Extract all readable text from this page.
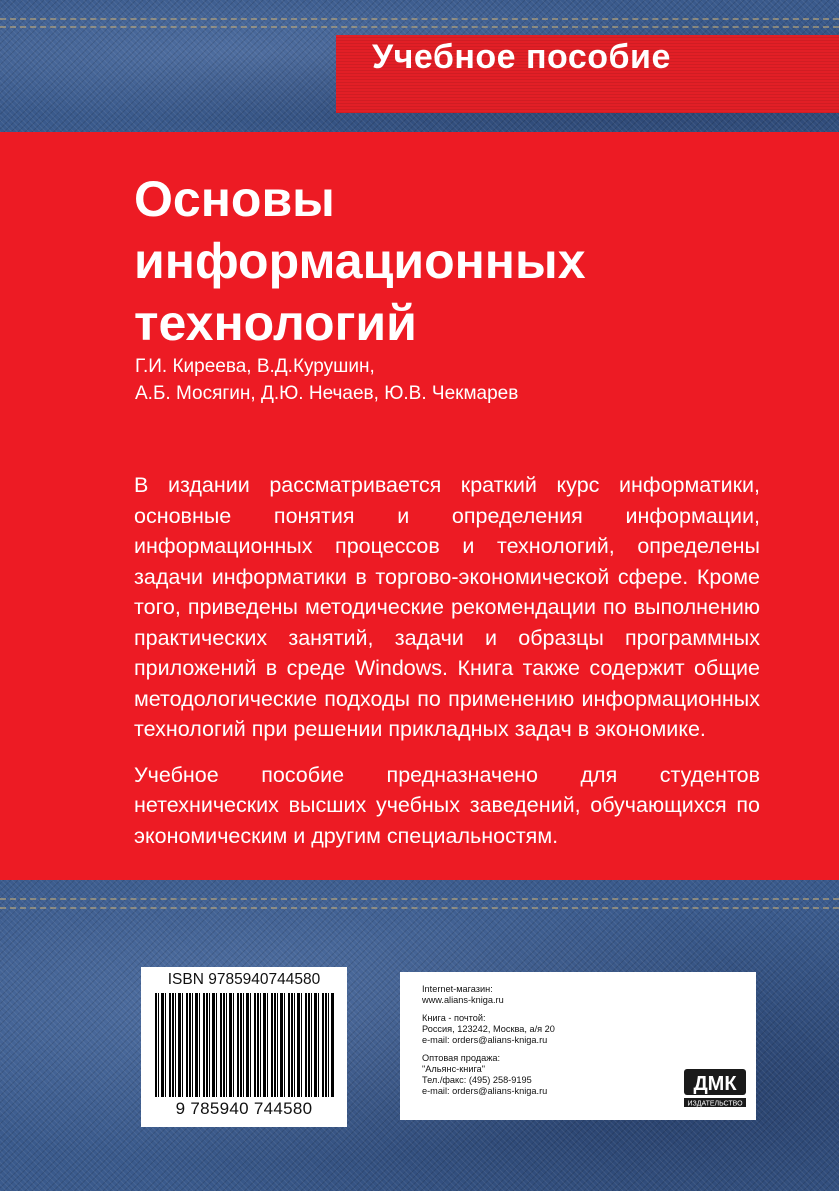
Учебное пособие
Основы
информационных
технологий
Г.И. Киреева, В.Д.Курушин,
А.Б. Мосягин, Д.Ю. Нечаев, Ю.В. Чекмарев

В издании рассматривается краткий курс информатики, основные понятия и определения информации, информационных процессов и технологий, определены задачи информатики в торгово-экономической сфере. Кроме того, приведены методические рекомендации по выполнению практических занятий, задачи и образцы программных приложений в среде Windows. Книга также содержит общие методологические подходы по применению информационных технологий при решении прикладных задач в экономике.

Учебное пособие предназначено для студентов нетехнических высших учебных заведений, обучающихся по экономическим и другим специальностям.

ISBN 9785940744580
9 785940 744580
Internet-магазин:
www.alians-kniga.ru
Книга - почтой:
Россия, 123242, Москва, а/я 20
e-mail: orders@alians-kniga.ru
Оптовая продажа:
"Альянс-книга"
Тел./факс: (495) 258-9195
e-mail: orders@alians-kniga.ru	ДМК
ИЗДАТЕЛЬСТВО
